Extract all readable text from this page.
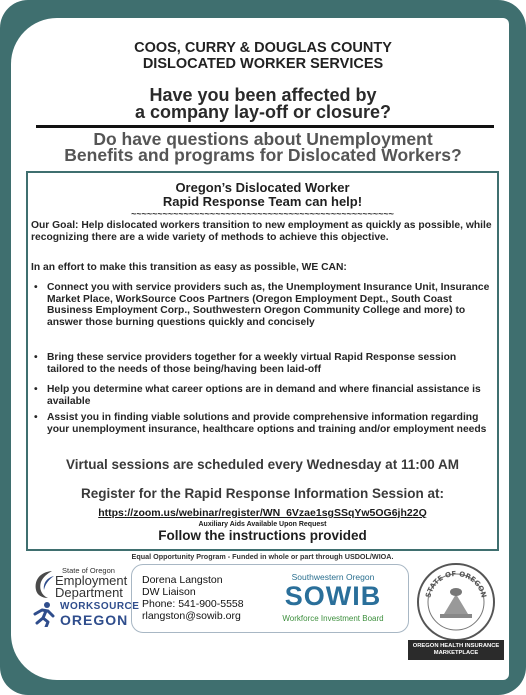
COOS, CURRY & DOUGLAS COUNTY
DISLOCATED WORKER SERVICES
Have you been affected by
a company lay-off or closure?
Do have questions about Unemployment
Benefits and programs for Dislocated Workers?
Oregon’s Dislocated Worker
Rapid Response Team can help!
~~~~~~~~~~~~~~~~~~~~~~~~~~~~~~~~~~~~~~~~~~~~~~~~~~
Our Goal: Help dislocated workers transition to new employment as quickly as possible, while recognizing there are a wide variety of methods to achieve this objective.
In an effort to make this transition as easy as possible, WE CAN:
• Connect you with service providers such as, the Unemployment Insurance Unit, Insurance Market Place, WorkSource Coos Partners (Oregon Employment Dept., South Coast Business Employment Corp., Southwestern Oregon Community College and more) to answer those burning questions quickly and concisely
• Bring these service providers together for a weekly virtual Rapid Response session tailored to the needs of those being/having been laid-off
• Help you determine what career options are in demand and where financial assistance is available
• Assist you in finding viable solutions and provide comprehensive information regarding your unemployment insurance, healthcare options and training and/or employment needs
Virtual sessions are scheduled every Wednesday at 11:00 AM
Register for the Rapid Response Information Session at:
https://zoom.us/webinar/register/WN_6Vzae1sgSSqYw5OG6jh22Q
Auxiliary Aids Available Upon Request
Follow the instructions provided
Equal Opportunity Program - Funded in whole or part through USDOL/WIOA.
State of Oregon
Employment
Department
WORKSOURCE
OREGON
Dorena Langston
DW Liaison
Phone: 541-900-5558
rlangston@sowib.org
Southwestern Oregon
SOWIB
Workforce Investment Board
STATE OF OREGON
OREGON HEALTH INSURANCE
MARKETPLACE
